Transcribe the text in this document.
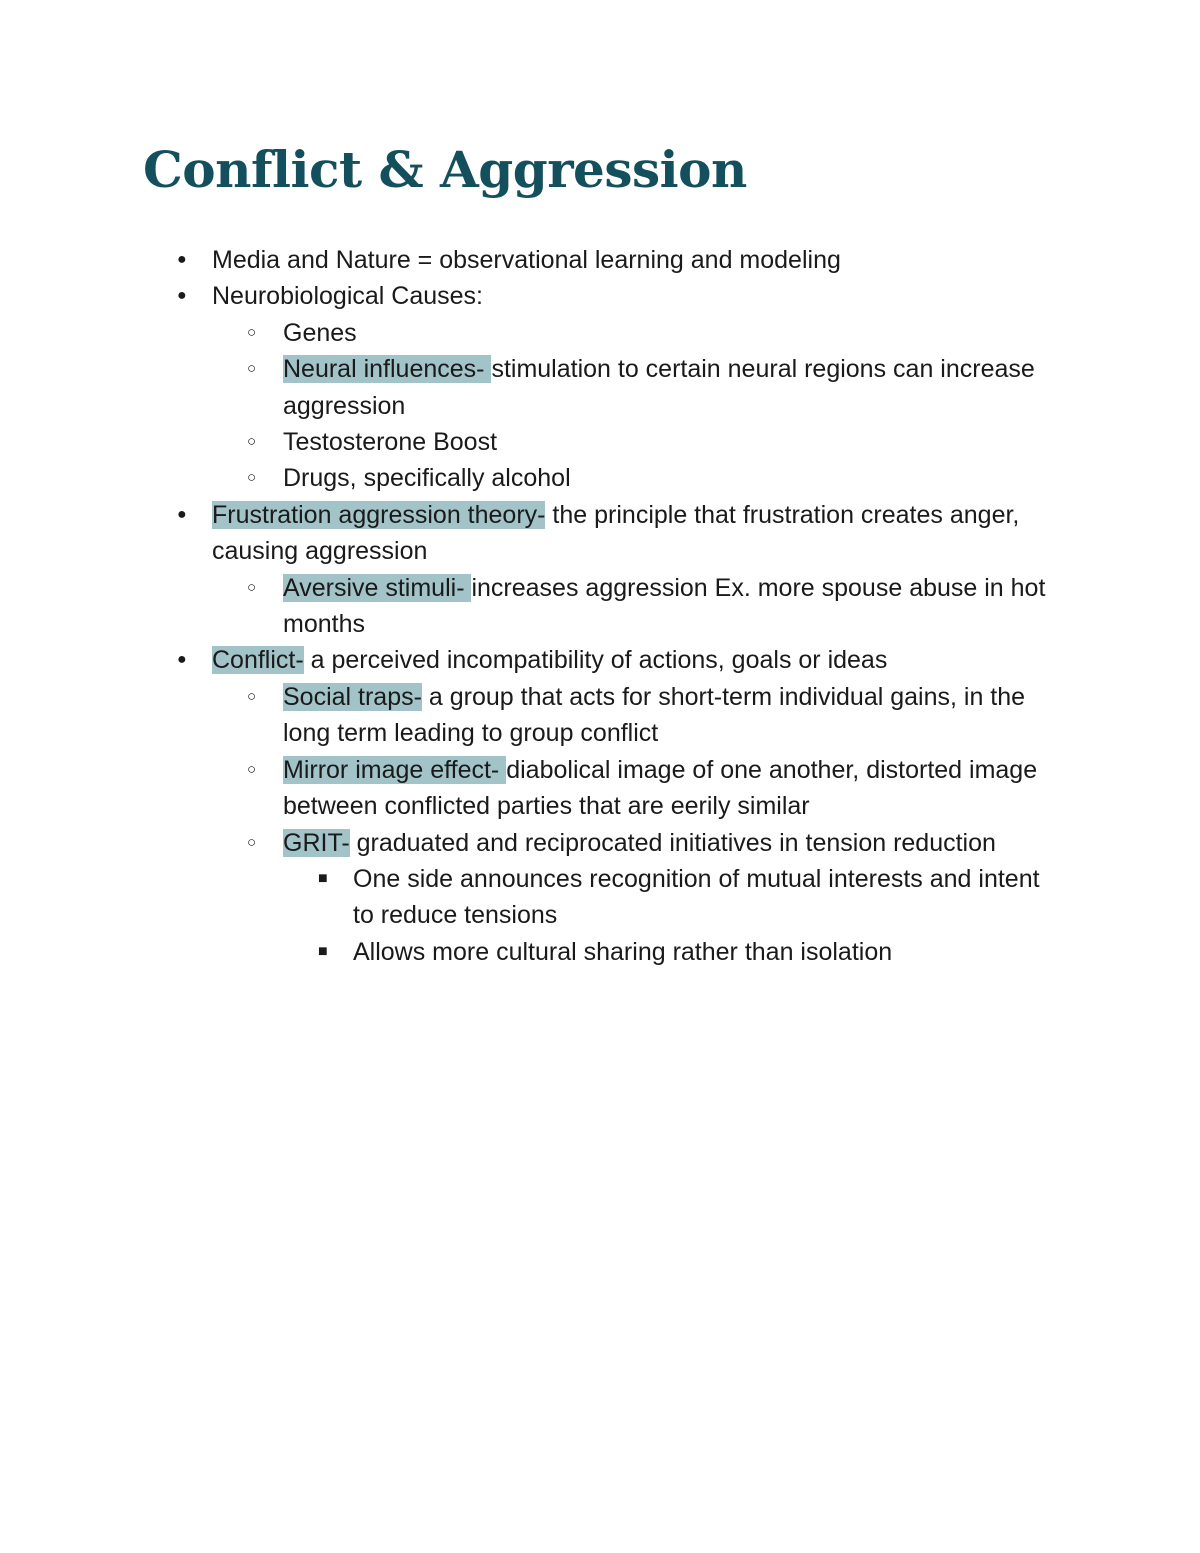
Conflict & Aggression
● Media and Nature = observational learning and modeling
● Neurobiological Causes:
○ Genes
○ Neural influences- stimulation to certain neural regions can increase aggression
○ Testosterone Boost
○ Drugs, specifically alcohol
● Frustration aggression theory- the principle that frustration creates anger, causing aggression
○ Aversive stimuli- increases aggression Ex. more spouse abuse in hot months
● Conflict- a perceived incompatibility of actions, goals or ideas
○ Social traps- a group that acts for short-term individual gains, in the long term leading to group conflict
○ Mirror image effect- diabolical image of one another, distorted image between conflicted parties that are eerily similar
○ GRIT- graduated and reciprocated initiatives in tension reduction
■ One side announces recognition of mutual interests and intent to reduce tensions
■ Allows more cultural sharing rather than isolation
